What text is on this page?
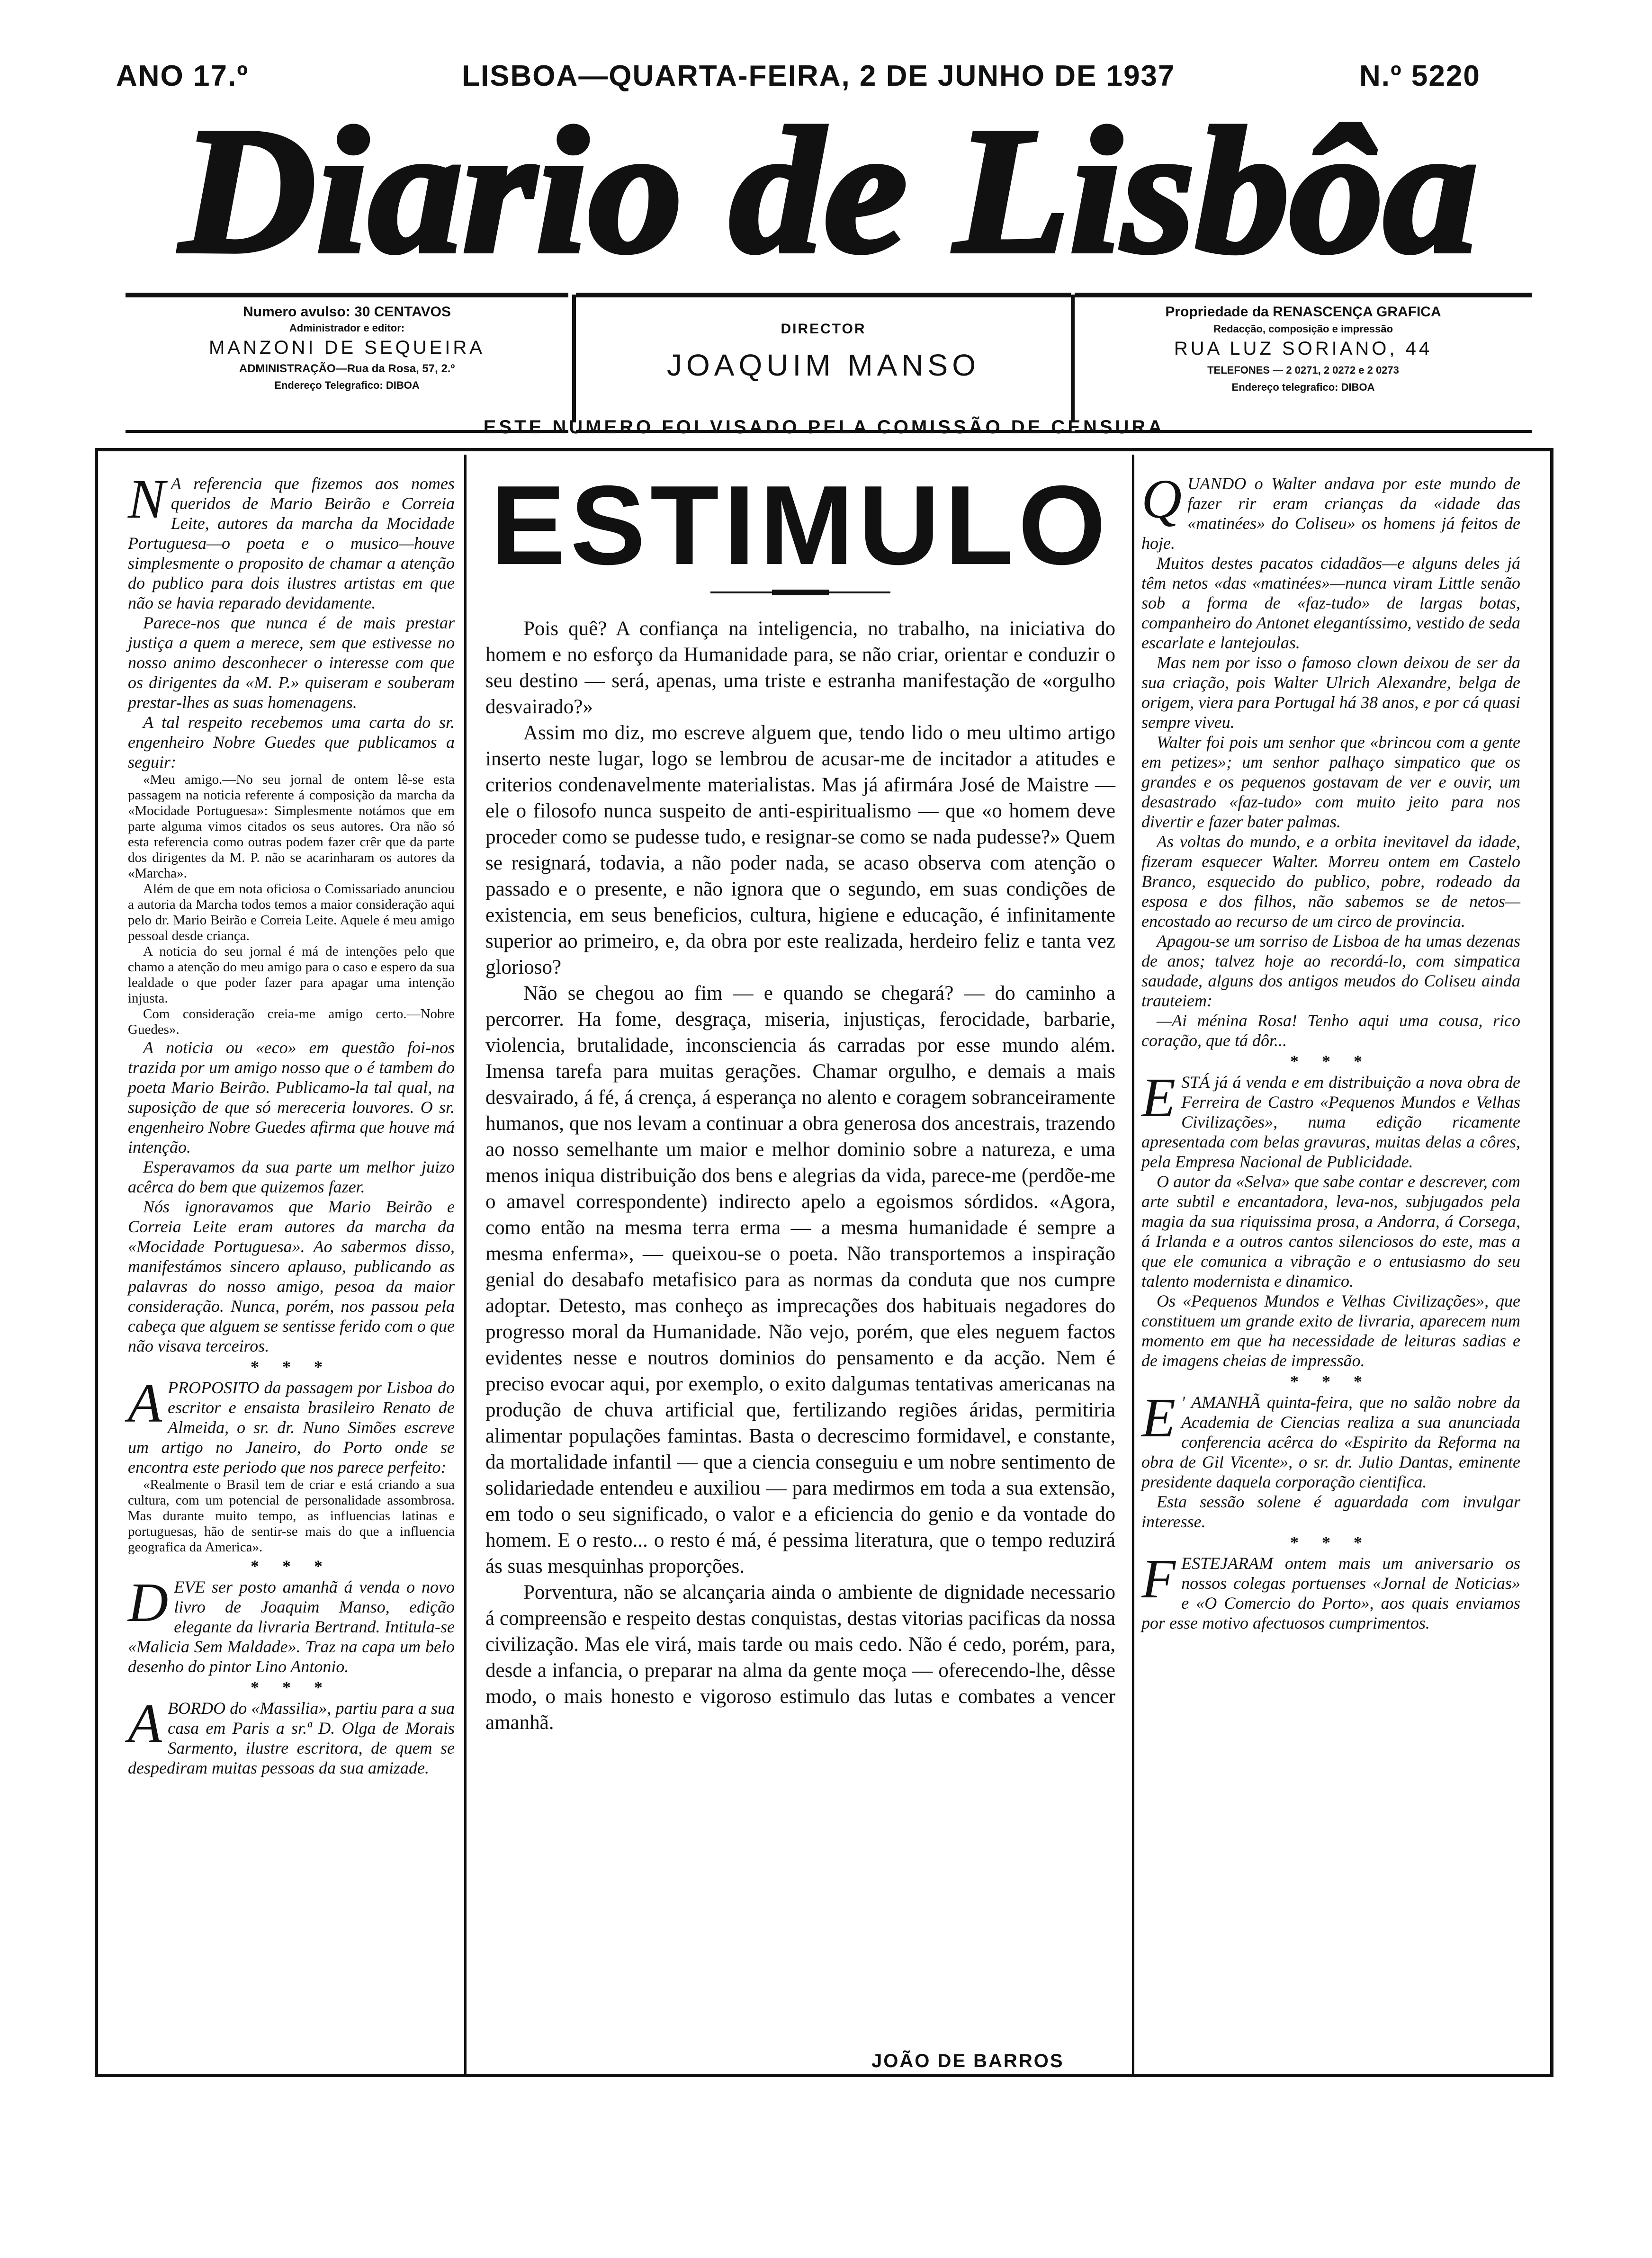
ANO 17.º	LISBOA—QUARTA-FEIRA, 2 DE JUNHO DE 1937	N.º 5220
Diario de Lisbôa
Numero avulso: 30 CENTAVOS
Administrador e editor:
MANZONI DE SEQUEIRA
ADMINISTRAÇÃO—Rua da Rosa, 57, 2.º
Endereço Telegrafico: DIBOA
DIRECTOR
JOAQUIM MANSO
Propriedade da RENASCENÇA GRAFICA
Redacção, composição e impressão
RUA LUZ SORIANO, 44
TELEFONES — 2 0271, 2 0272 e 2 0273
Endereço telegrafico: DIBOA
ESTE NUMERO FOI VISADO PELA COMISSÃO DE CENSURA

N A referencia que fizemos aos nomes queridos de Mario Beirão e Correia Leite, autores da marcha da Mocidade Portuguesa—o poeta e o musico—houve simplesmente o proposito de chamar a atenção do publico para dois ilustres artistas em que não se havia reparado devidamente.

Parece-nos que nunca é de mais prestar justiça a quem a merece, sem que estivesse no nosso animo desconhecer o interesse com que os dirigentes da «M. P.» quiseram e souberam prestar-lhes as suas homenagens.

A tal respeito recebemos uma carta do sr. engenheiro Nobre Guedes que publicamos a seguir:

«Meu amigo.—No seu jornal de ontem lê-se esta passagem na noticia referente á composição da marcha da «Mocidade Portuguesa»: Simplesmente notámos que em parte alguma vimos citados os seus autores. Ora não só esta referencia como outras podem fazer crêr que da parte dos dirigentes da M. P. não se acarinharam os autores da «Marcha».

Além de que em nota oficiosa o Comissariado anunciou a autoria da Marcha todos temos a maior consideração aqui pelo dr. Mario Beirão e Correia Leite. Aquele é meu amigo pessoal desde criança.

A noticia do seu jornal é má de intenções pelo que chamo a atenção do meu amigo para o caso e espero da sua lealdade o que poder fazer para apagar uma intenção injusta.

Com consideração creia-me amigo certo.—Nobre Guedes».

A noticia ou «eco» em questão foi-nos trazida por um amigo nosso que o é tambem do poeta Mario Beirão. Publicamo-la tal qual, na suposição de que só mereceria louvores. O sr. engenheiro Nobre Guedes afirma que houve má intenção.

Esperavamos da sua parte um melhor juizo acêrca do bem que quizemos fazer.

Nós ignoravamos que Mario Beirão e Correia Leite eram autores da marcha da «Mocidade Portuguesa». Ao sabermos disso, manifestámos sincero aplauso, publicando as palavras do nosso amigo, pesoa da maior consideração. Nunca, porém, nos passou pela cabeça que alguem se sentisse ferido com o que não visava terceiros.

* * *

APROPOSITO da passagem por Lisboa do escritor e ensaista brasileiro Renato de Almeida, o sr. dr. Nuno Simões escreve um artigo no Janeiro, do Porto onde se encontra este periodo que nos parece perfeito:

«Realmente o Brasil tem de criar e está criando a sua cultura, com um potencial de personalidade assombrosa. Mas durante muito tempo, as influencias latinas e portuguesas, hão de sentir-se mais do que a influencia geografica da America».

* * *

DEVE ser posto amanhã á venda o novo livro de Joaquim Manso, edição elegante da livraria Bertrand. Intitula-se «Malicia Sem Maldade». Traz na capa um belo desenho do pintor Lino Antonio.

* * *

ABORDO do «Massilia», partiu para a sua casa em Paris a sr.ª D. Olga de Morais Sarmento, ilustre escritora, de quem se despediram muitas pessoas da sua amizade.

ESTIMULO

Pois quê? A confiança na inteligencia, no trabalho, na iniciativa do homem e no esforço da Humanidade para, se não criar, orientar e conduzir o seu destino — será, apenas, uma triste e estranha manifestação de «orgulho desvairado?»

Assim mo diz, mo escreve alguem que, tendo lido o meu ultimo artigo inserto neste lugar, logo se lembrou de acusar-me de incitador a atitudes e criterios condenavelmente materialistas. Mas já afirmára José de Maistre — ele o filosofo nunca suspeito de anti-espiritualismo — que «o homem deve proceder como se pudesse tudo, e resignar-se como se nada pudesse?» Quem se resignará, todavia, a não poder nada, se acaso observa com atenção o passado e o presente, e não ignora que o segundo, em suas condições de existencia, em seus beneficios, cultura, higiene e educação, é infinitamente superior ao primeiro, e, da obra por este realizada, herdeiro feliz e tanta vez glorioso?

Não se chegou ao fim — e quando se chegará? — do caminho a percorrer. Ha fome, desgraça, miseria, injustiças, ferocidade, barbarie, violencia, brutalidade, inconsciencia ás carradas por esse mundo além. Imensa tarefa para muitas gerações. Chamar orgulho, e demais a mais desvairado, á fé, á crença, á esperança no alento e coragem sobranceiramente humanos, que nos levam a continuar a obra generosa dos ancestrais, trazendo ao nosso semelhante um maior e melhor dominio sobre a natureza, e uma menos iniqua distribuição dos bens e alegrias da vida, parece-me (perdõe-me o amavel correspondente) indirecto apelo a egoismos sórdidos. «Agora, como então na mesma terra erma — a mesma humanidade é sempre a mesma enferma», — queixou-se o poeta. Não transportemos a inspiração genial do desabafo metafisico para as normas da conduta que nos cumpre adoptar. Detesto, mas conheço as imprecações dos habituais negadores do progresso moral da Humanidade. Não vejo, porém, que eles neguem factos evidentes nesse e noutros dominios do pensamento e da acção. Nem é preciso evocar aqui, por exemplo, o exito dalgumas tentativas americanas na produção de chuva artificial que, fertilizando regiões áridas, permitiria alimentar populações famintas. Basta o decrescimo formidavel, e constante, da mortalidade infantil — que a ciencia conseguiu e um nobre sentimento de solidariedade entendeu e auxiliou — para medirmos em toda a sua extensão, em todo o seu significado, o valor e a eficiencia do genio e da vontade do homem. E o resto... o resto é má, é pessima literatura, que o tempo reduzirá ás suas mesquinhas proporções.

Porventura, não se alcançaria ainda o ambiente de dignidade necessario á compreensão e respeito destas conquistas, destas vitorias pacificas da nossa civilização. Mas ele virá, mais tarde ou mais cedo. Não é cedo, porém, para, desde a infancia, o preparar na alma da gente moça — oferecendo-lhe, dêsse modo, o mais honesto e vigoroso estimulo das lutas e combates a vencer amanhã.

JOÃO DE BARROS

QUANDO o Walter andava por este mundo de fazer rir eram crianças da «idade das «matinées» do Coliseu» os homens já feitos de hoje.

Muitos destes pacatos cidadãos—e alguns deles já têm netos «das «matinées»—nunca viram Little senão sob a forma de «faz-tudo» de largas botas, companheiro do Antonet elegantíssimo, vestido de seda escarlate e lantejoulas.

Mas nem por isso o famoso clown deixou de ser da sua criação, pois Walter Ulrich Alexandre, belga de origem, viera para Portugal há 38 anos, e por cá quasi sempre viveu.

Walter foi pois um senhor que «brincou com a gente em petizes»; um senhor palhaço simpatico que os grandes e os pequenos gostavam de ver e ouvir, um desastrado «faz-tudo» com muito jeito para nos divertir e fazer bater palmas.

As voltas do mundo, e a orbita inevitavel da idade, fizeram esquecer Walter. Morreu ontem em Castelo Branco, esquecido do publico, pobre, rodeado da esposa e dos filhos, não sabemos se de netos—encostado ao recurso de um circo de provincia.

Apagou-se um sorriso de Lisboa de ha umas dezenas de anos; talvez hoje ao recordá-lo, com simpatica saudade, alguns dos antigos meudos do Coliseu ainda trauteiem:

—Ai ménina Rosa! Tenho aqui uma cousa, rico coração, que tá dôr...

* * *

ESTÁ já á venda e em distribuição a nova obra de Ferreira de Castro «Pequenos Mundos e Velhas Civilizações», numa edição ricamente apresentada com belas gravuras, muitas delas a côres, pela Empresa Nacional de Publicidade.

O autor da «Selva» que sabe contar e descrever, com arte subtil e encantadora, leva-nos, subjugados pela magia da sua riquissima prosa, a Andorra, á Corsega, á Irlanda e a outros cantos silenciosos do este, mas a que ele comunica a vibração e o entusiasmo do seu talento modernista e dinamico.

Os «Pequenos Mundos e Velhas Civilizações», que constituem um grande exito de livraria, aparecem num momento em que ha necessidade de leituras sadias e de imagens cheias de impressão.

* * *

E ' AMANHÃ quinta-feira, que no salão nobre da Academia de Ciencias realiza a sua anunciada conferencia acêrca do «Espirito da Reforma na obra de Gil Vicente», o sr. dr. Julio Dantas, eminente presidente daquela corporação cientifica.

Esta sessão solene é aguardada com invulgar interesse.

* * *

FESTEJARAM ontem mais um aniversario os nossos colegas portuenses «Jornal de Noticias» e «O Comercio do Porto», aos quais enviamos por esse motivo afectuosos cumprimentos.
